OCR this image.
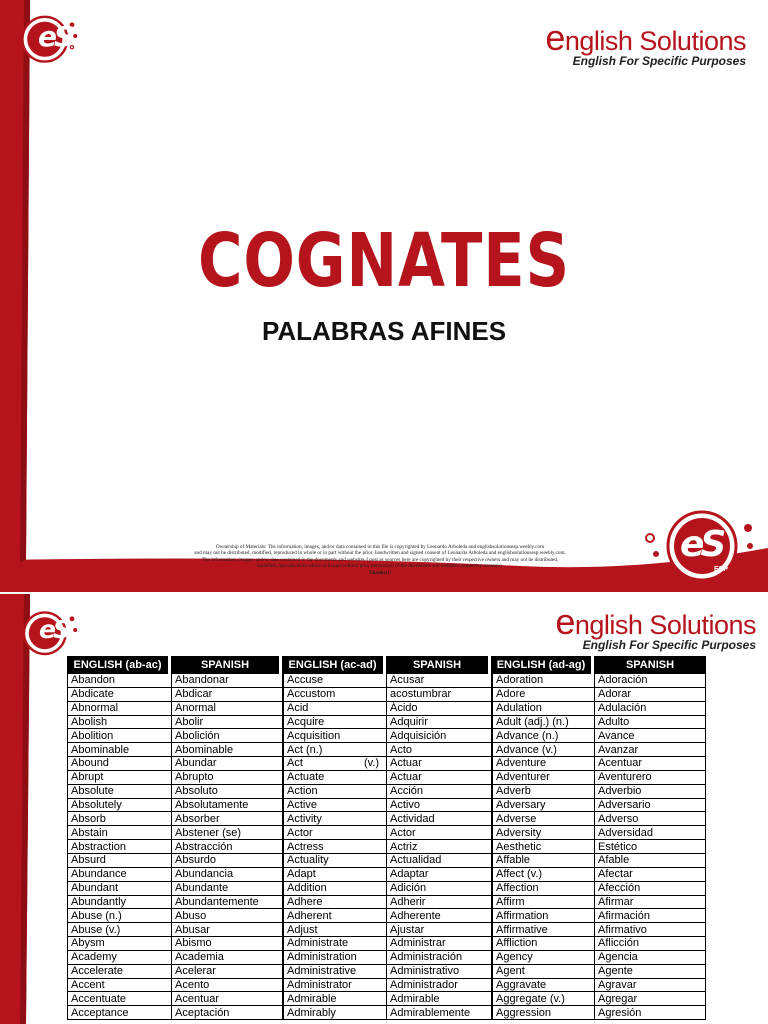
eS
ESP	english Solutions
English For Specific Purposes
COGNATES
PALABRAS AFINES
Ownership of Materials: The information, images, and/or data contained in this file is copyrighted by Leonardo Arboleda and englishsolutionsesp.weebly.com
and may not be distributed, modified, reproduced in whole or in part without the prior, handwritten and signed consent of Leonardo Arboleda and englishsolutionsesp.weebly.com.
The information, images, and/or data contained in the documents and websites I post as sources here are copyrighted by their respective owners and may not be distributed,
modified, reproduced in whole or in part without prior permission of the documents and website's respective owner(s).
Thanks!!!
eS
ESP
eS
ESP
english Solutions
English For Specific Purposes
ENGLISH (ab-ac)	SPANISH	ENGLISH (ac-ad)	SPANISH	ENGLISH (ad-ag)	SPANISH
Abandon	Abandonar	Accuse	Acusar	Adoration	Adoración
Abdicate	Abdicar	Accustom	acostumbrar	Adore	Adorar
Abnormal	Anormal	Acid	Ácido	Adulation	Adulación
Abolish	Abolir	Acquire	Adquirir	Adult (adj.) (n.)	Adulto
Abolition	Abolición	Acquisition	Adquisición	Advance (n.)	Avance
Abominable	Abominable	Act (n.)	Acto	Advance (v.)	Avanzar
Abound	Abundar	Act                    (v.)	Actuar	Adventure	Acentuar
Abrupt	Abrupto	Actuate	Actuar	Adventurer	Aventurero
Absolute	Absoluto	Action	Acción	Adverb	Adverbio
Absolutely	Absolutamente	Active	Activo	Adversary	Adversario
Absorb	Absorber	Activity	Actividad	Adverse	Adverso
Abstain	Abstener (se)	Actor	Actor	Adversity	Adversidad
Abstraction	Abstracción	Actress	Actriz	Aesthetic	Estético
Absurd	Absurdo	Actuality	Actualidad	Affable	Afable
Abundance	Abundancia	Adapt	Adaptar	Affect (v.)	Afectar
Abundant	Abundante	Addition	Adición	Affection	Afección
Abundantly	Abundantemente	Adhere	Adherir	Affirm	Afirmar
Abuse (n.)	Abuso	Adherent	Adherente	Affirmation	Afirmación
Abuse (v.)	Abusar	Adjust	Ajustar	Affirmative	Afirmativo
Abysm	Abismo	Administrate	Administrar	Affliction	Aflicción
Academy	Academia	Administration	Administración	Agency	Agencia
Accelerate	Acelerar	Administrative	Administrativo	Agent	Agente
Accent	Acento	Administrator	Administrador	Aggravate	Agravar
Accentuate	Acentuar	Admirable	Admirable	Aggregate (v.)	Agregar
Acceptance	Aceptación	Admirably	Admirablemente	Aggression	Agresión
